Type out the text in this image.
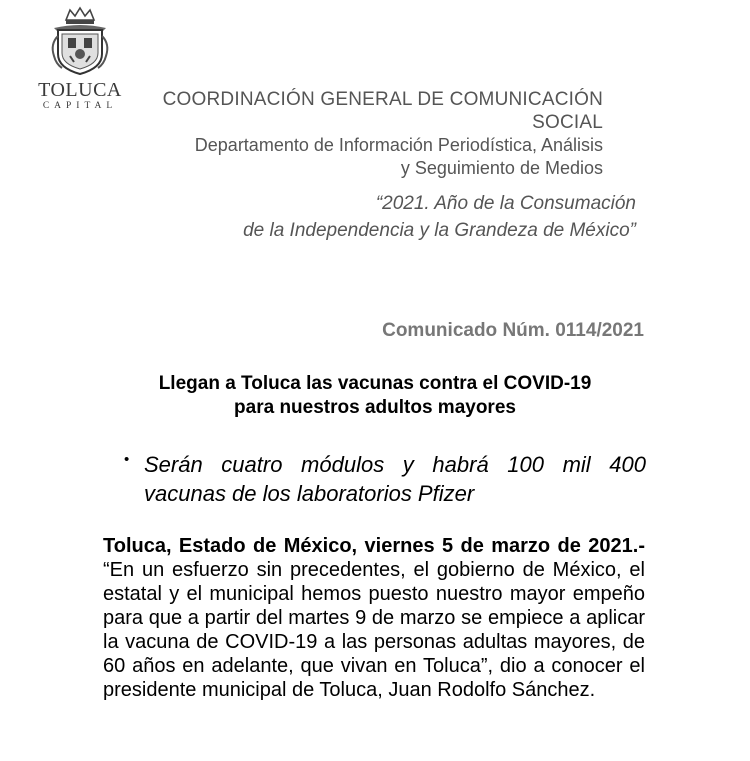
TOLUCA
CAPITAL	COORDINACIÓN GENERAL DE COMUNICACIÓN
SOCIAL
Departamento de Información Periodística, Análisis
y Seguimiento de Medios
“2021. Año de la Consumación
de la Independencia y la Grandeza de México”
Comunicado Núm. 0114/2021
Llegan a Toluca las vacunas contra el COVID-19
para nuestros adultos mayores
• Serán cuatro módulos y habrá 100 mil 400 vacunas de los laboratorios Pfizer
Toluca, Estado de México, viernes 5 de marzo de 2021.- “En un esfuerzo sin precedentes, el gobierno de México, el estatal y el municipal hemos puesto nuestro mayor empeño para que a partir del martes 9 de marzo se empiece a aplicar la vacuna de COVID-19 a las personas adultas mayores, de 60 años en adelante, que vivan en Toluca”, dio a conocer el presidente municipal de Toluca, Juan Rodolfo Sánchez.
